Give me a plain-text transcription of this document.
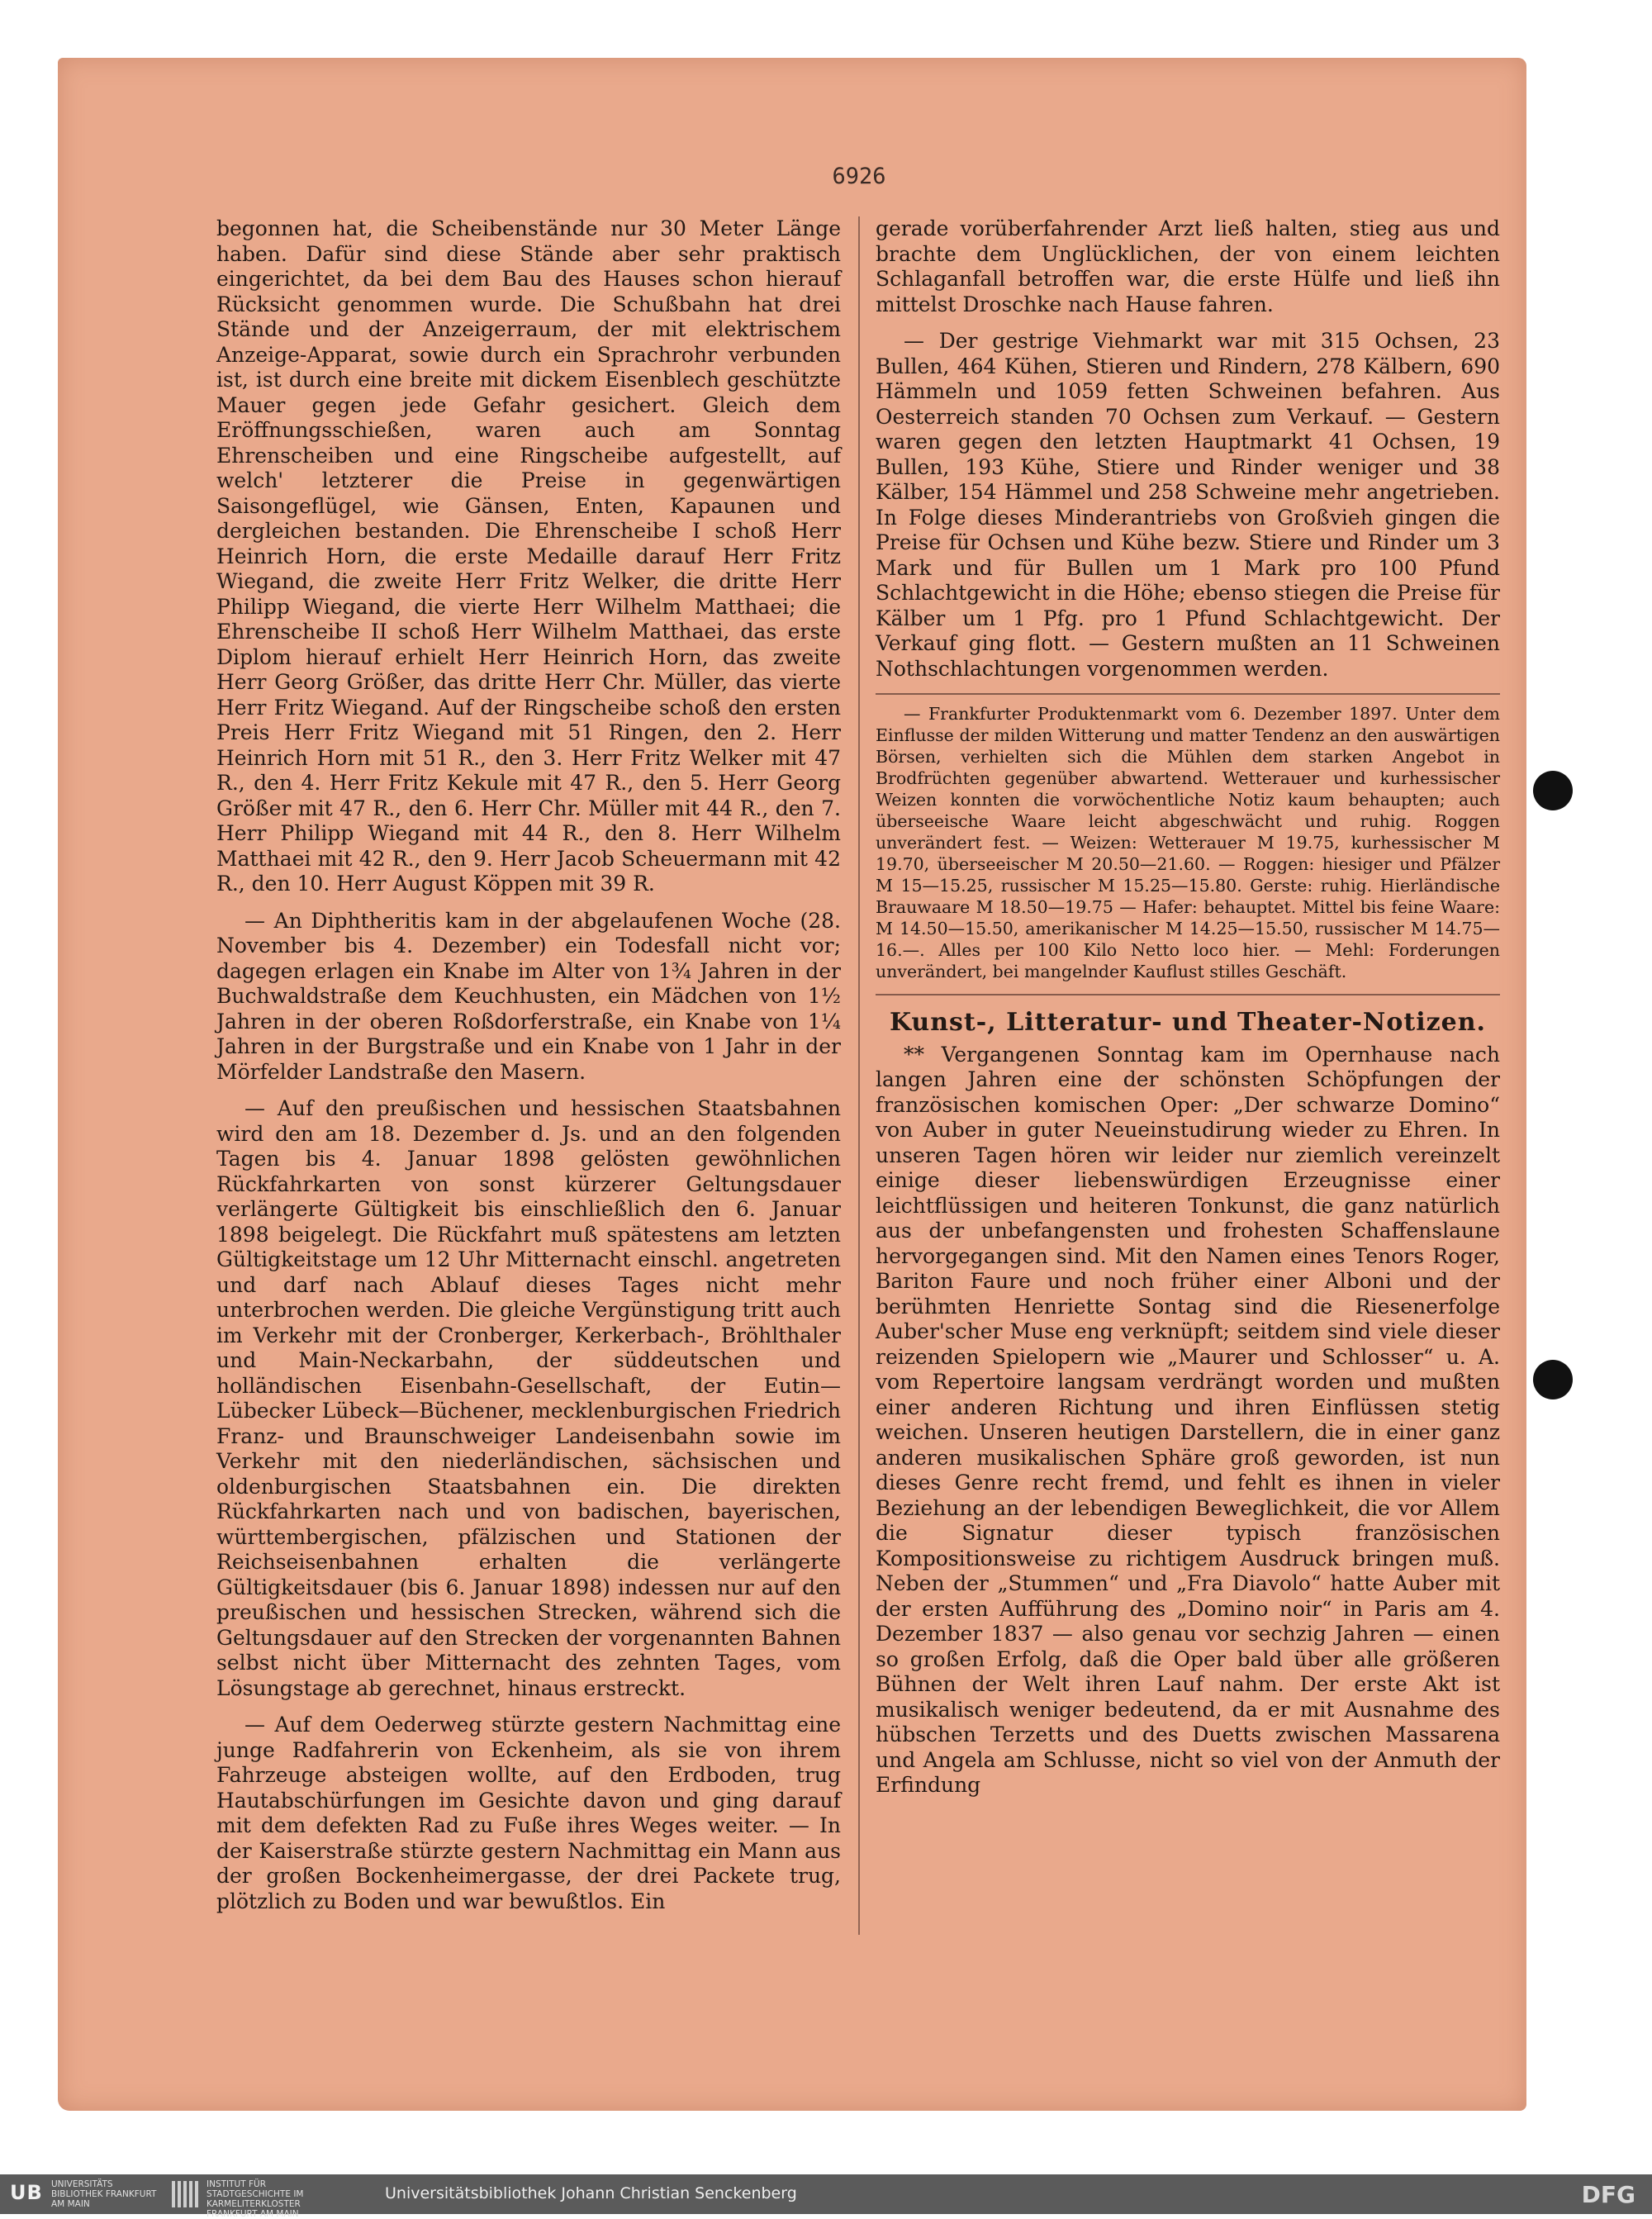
6926

begonnen hat, die Scheibenstände nur 30 Meter Länge haben. Dafür sind diese Stände aber sehr praktisch eingerichtet, da bei dem Bau des Hauses schon hierauf Rücksicht genommen wurde. Die Schußbahn hat drei Stände und der Anzeigerraum, der mit elektrischem Anzeige-Apparat, sowie durch ein Sprachrohr verbunden ist, ist durch eine breite mit dickem Eisenblech geschützte Mauer gegen jede Gefahr gesichert. Gleich dem Eröffnungsschießen, waren auch am Sonntag Ehrenscheiben und eine Ringscheibe aufgestellt, auf welch' letzterer die Preise in gegenwärtigen Saisongeflügel, wie Gänsen, Enten, Kapaunen und dergleichen bestanden. Die Ehrenscheibe I schoß Herr Heinrich Horn, die erste Medaille darauf Herr Fritz Wiegand, die zweite Herr Fritz Welker, die dritte Herr Philipp Wiegand, die vierte Herr Wilhelm Matthaei; die Ehrenscheibe II schoß Herr Wilhelm Matthaei, das erste Diplom hierauf erhielt Herr Heinrich Horn, das zweite Herr Georg Größer, das dritte Herr Chr. Müller, das vierte Herr Fritz Wiegand. Auf der Ringscheibe schoß den ersten Preis Herr Fritz Wiegand mit 51 Ringen, den 2. Herr Heinrich Horn mit 51 R., den 3. Herr Fritz Welker mit 47 R., den 4. Herr Fritz Kekule mit 47 R., den 5. Herr Georg Größer mit 47 R., den 6. Herr Chr. Müller mit 44 R., den 7. Herr Philipp Wiegand mit 44 R., den 8. Herr Wilhelm Matthaei mit 42 R., den 9. Herr Jacob Scheuermann mit 42 R., den 10. Herr August Köppen mit 39 R.

— An Diphtheritis kam in der abgelaufenen Woche (28. November bis 4. Dezember) ein Todesfall nicht vor; dagegen erlagen ein Knabe im Alter von 1¾ Jahren in der Buchwaldstraße dem Keuchhusten, ein Mädchen von 1½ Jahren in der oberen Roßdorferstraße, ein Knabe von 1¼ Jahren in der Burgstraße und ein Knabe von 1 Jahr in der Mörfelder Landstraße den Masern.

— Auf den preußischen und hessischen Staatsbahnen wird den am 18. Dezember d. Js. und an den folgenden Tagen bis 4. Januar 1898 gelösten gewöhnlichen Rückfahrkarten von sonst kürzerer Geltungsdauer verlängerte Gültigkeit bis einschließlich den 6. Januar 1898 beigelegt. Die Rückfahrt muß spätestens am letzten Gültigkeitstage um 12 Uhr Mitternacht einschl. angetreten und darf nach Ablauf dieses Tages nicht mehr unterbrochen werden. Die gleiche Vergünstigung tritt auch im Verkehr mit der Cronberger, Kerkerbach-, Bröhlthaler und Main-Neckarbahn, der süddeutschen und holländischen Eisenbahn-Gesellschaft, der Eutin—Lübecker Lübeck—Büchener, mecklenburgischen Friedrich Franz- und Braunschweiger Landeisenbahn sowie im Verkehr mit den niederländischen, sächsischen und oldenburgischen Staatsbahnen ein. Die direkten Rückfahrkarten nach und von badischen, bayerischen, württembergischen, pfälzischen und Stationen der Reichseisenbahnen erhalten die verlängerte Gültigkeitsdauer (bis 6. Januar 1898) indessen nur auf den preußischen und hessischen Strecken, während sich die Geltungsdauer auf den Strecken der vorgenannten Bahnen selbst nicht über Mitternacht des zehnten Tages, vom Lösungstage ab gerechnet, hinaus erstreckt.

— Auf dem Oederweg stürzte gestern Nachmittag eine junge Radfahrerin von Eckenheim, als sie von ihrem Fahrzeuge absteigen wollte, auf den Erdboden, trug Hautabschürfungen im Gesichte davon und ging darauf mit dem defekten Rad zu Fuße ihres Weges weiter. — In der Kaiserstraße stürzte gestern Nachmittag ein Mann aus der großen Bockenheimergasse, der drei Packete trug, plötzlich zu Boden und war bewußtlos. Ein

gerade vorüberfahrender Arzt ließ halten, stieg aus und brachte dem Unglücklichen, der von einem leichten Schlaganfall betroffen war, die erste Hülfe und ließ ihn mittelst Droschke nach Hause fahren.

— Der gestrige Viehmarkt war mit 315 Ochsen, 23 Bullen, 464 Kühen, Stieren und Rindern, 278 Kälbern, 690 Hämmeln und 1059 fetten Schweinen befahren. Aus Oesterreich standen 70 Ochsen zum Verkauf. — Gestern waren gegen den letzten Hauptmarkt 41 Ochsen, 19 Bullen, 193 Kühe, Stiere und Rinder weniger und 38 Kälber, 154 Hämmel und 258 Schweine mehr angetrieben. In Folge dieses Minderantriebs von Großvieh gingen die Preise für Ochsen und Kühe bezw. Stiere und Rinder um 3 Mark und für Bullen um 1 Mark pro 100 Pfund Schlachtgewicht in die Höhe; ebenso stiegen die Preise für Kälber um 1 Pfg. pro 1 Pfund Schlachtgewicht. Der Verkauf ging flott. — Gestern mußten an 11 Schweinen Nothschlachtungen vorgenommen werden.

— Frankfurter Produktenmarkt vom 6. Dezember 1897. Unter dem Einflusse der milden Witterung und matter Tendenz an den auswärtigen Börsen, verhielten sich die Mühlen dem starken Angebot in Brodfrüchten gegenüber abwartend. Wetterauer und kurhessischer Weizen konnten die vorwöchentliche Notiz kaum behaupten; auch überseeische Waare leicht abgeschwächt und ruhig. Roggen unverändert fest. — Weizen: Wetterauer M 19.75, kurhessischer M 19.70, überseeischer M 20.50—21.60. — Roggen: hiesiger und Pfälzer M 15—15.25, russischer M 15.25—15.80. Gerste: ruhig. Hierländische Brauwaare M 18.50—19.75 — Hafer: behauptet. Mittel bis feine Waare: M 14.50—15.50, amerikanischer M 14.25—15.50, russischer M 14.75—16.—. Alles per 100 Kilo Netto loco hier. — Mehl: Forderungen unverändert, bei mangelnder Kauflust stilles Geschäft.

Kunst-, Litteratur- und Theater-Notizen.

** Vergangenen Sonntag kam im Opernhause nach langen Jahren eine der schönsten Schöpfungen der französischen komischen Oper: „Der schwarze Domino“ von Auber in guter Neueinstudirung wieder zu Ehren. In unseren Tagen hören wir leider nur ziemlich vereinzelt einige dieser liebenswürdigen Erzeugnisse einer leichtflüssigen und heiteren Tonkunst, die ganz natürlich aus der unbefangensten und frohesten Schaffenslaune hervorgegangen sind. Mit den Namen eines Tenors Roger, Bariton Faure und noch früher einer Alboni und der berühmten Henriette Sontag sind die Riesenerfolge Auber'scher Muse eng verknüpft; seitdem sind viele dieser reizenden Spielopern wie „Maurer und Schlosser“ u. A. vom Repertoire langsam verdrängt worden und mußten einer anderen Richtung und ihren Einflüssen stetig weichen. Unseren heutigen Darstellern, die in einer ganz anderen musikalischen Sphäre groß geworden, ist nun dieses Genre recht fremd, und fehlt es ihnen in vieler Beziehung an der lebendigen Beweglichkeit, die vor Allem die Signatur dieser typisch französischen Kompositionsweise zu richtigem Ausdruck bringen muß. Neben der „Stummen“ und „Fra Diavolo“ hatte Auber mit der ersten Aufführung des „Domino noir“ in Paris am 4. Dezember 1837 — also genau vor sechzig Jahren — einen so großen Erfolg, daß die Oper bald über alle größeren Bühnen der Welt ihren Lauf nahm. Der erste Akt ist musikalisch weniger bedeutend, da er mit Ausnahme des hübschen Terzetts und des Duetts zwischen Massarena und Angela am Schlusse, nicht so viel von der Anmuth der Erfindung

UB UNIVERSITÄTS BIBLIOTHEK FRANKFURT AM MAIN
INSTITUT FÜR STADTGESCHICHTE IM KARMELITERKLOSTER FRANKFURT AM MAIN
Universitätsbibliothek Johann Christian Senckenberg	DFG
